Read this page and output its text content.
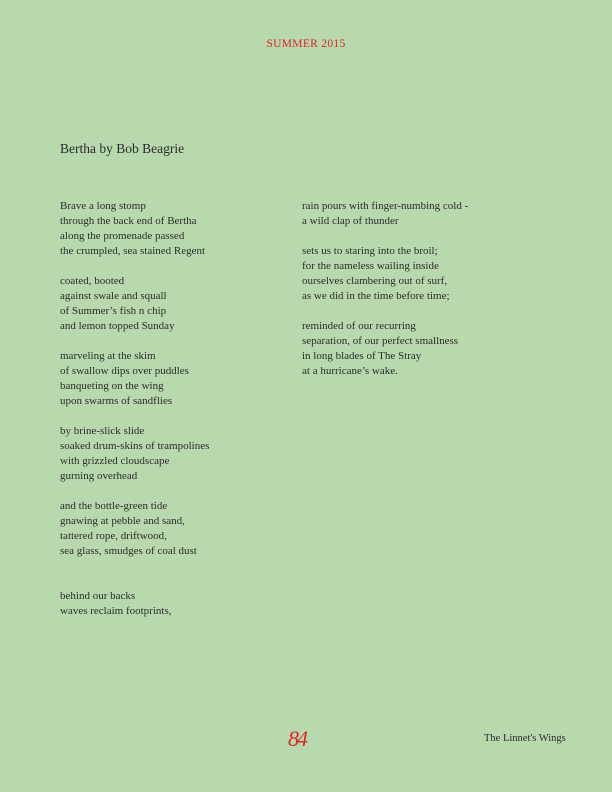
SUMMER 2015
Bertha by Bob Beagrie
Brave a long stomp
through the back end of Bertha
along the promenade passed
the crumpled, sea stained Regent
coated, booted
against swale and squall
of Summer’s fish n chip
and lemon topped Sunday
marveling at the skim
of swallow dips over puddles
banqueting on the wing
upon swarms of sandflies
by brine-slick slide
soaked drum-skins of trampolines
with grizzled cloudscape
gurning overhead
and the bottle-green tide
gnawing at pebble and sand,
tattered rope, driftwood,
sea glass, smudges of coal dust
behind our backs
waves reclaim footprints,
rain pours with finger-numbing cold -
a wild clap of thunder
sets us to staring into the broil;
for the nameless wailing inside
ourselves clambering out of surf,
as we did in the time before time;
reminded of our recurring
separation, of our perfect smallness
in long blades of The Stray
at a hurricane’s wake.
84	The Linnet's Wings
